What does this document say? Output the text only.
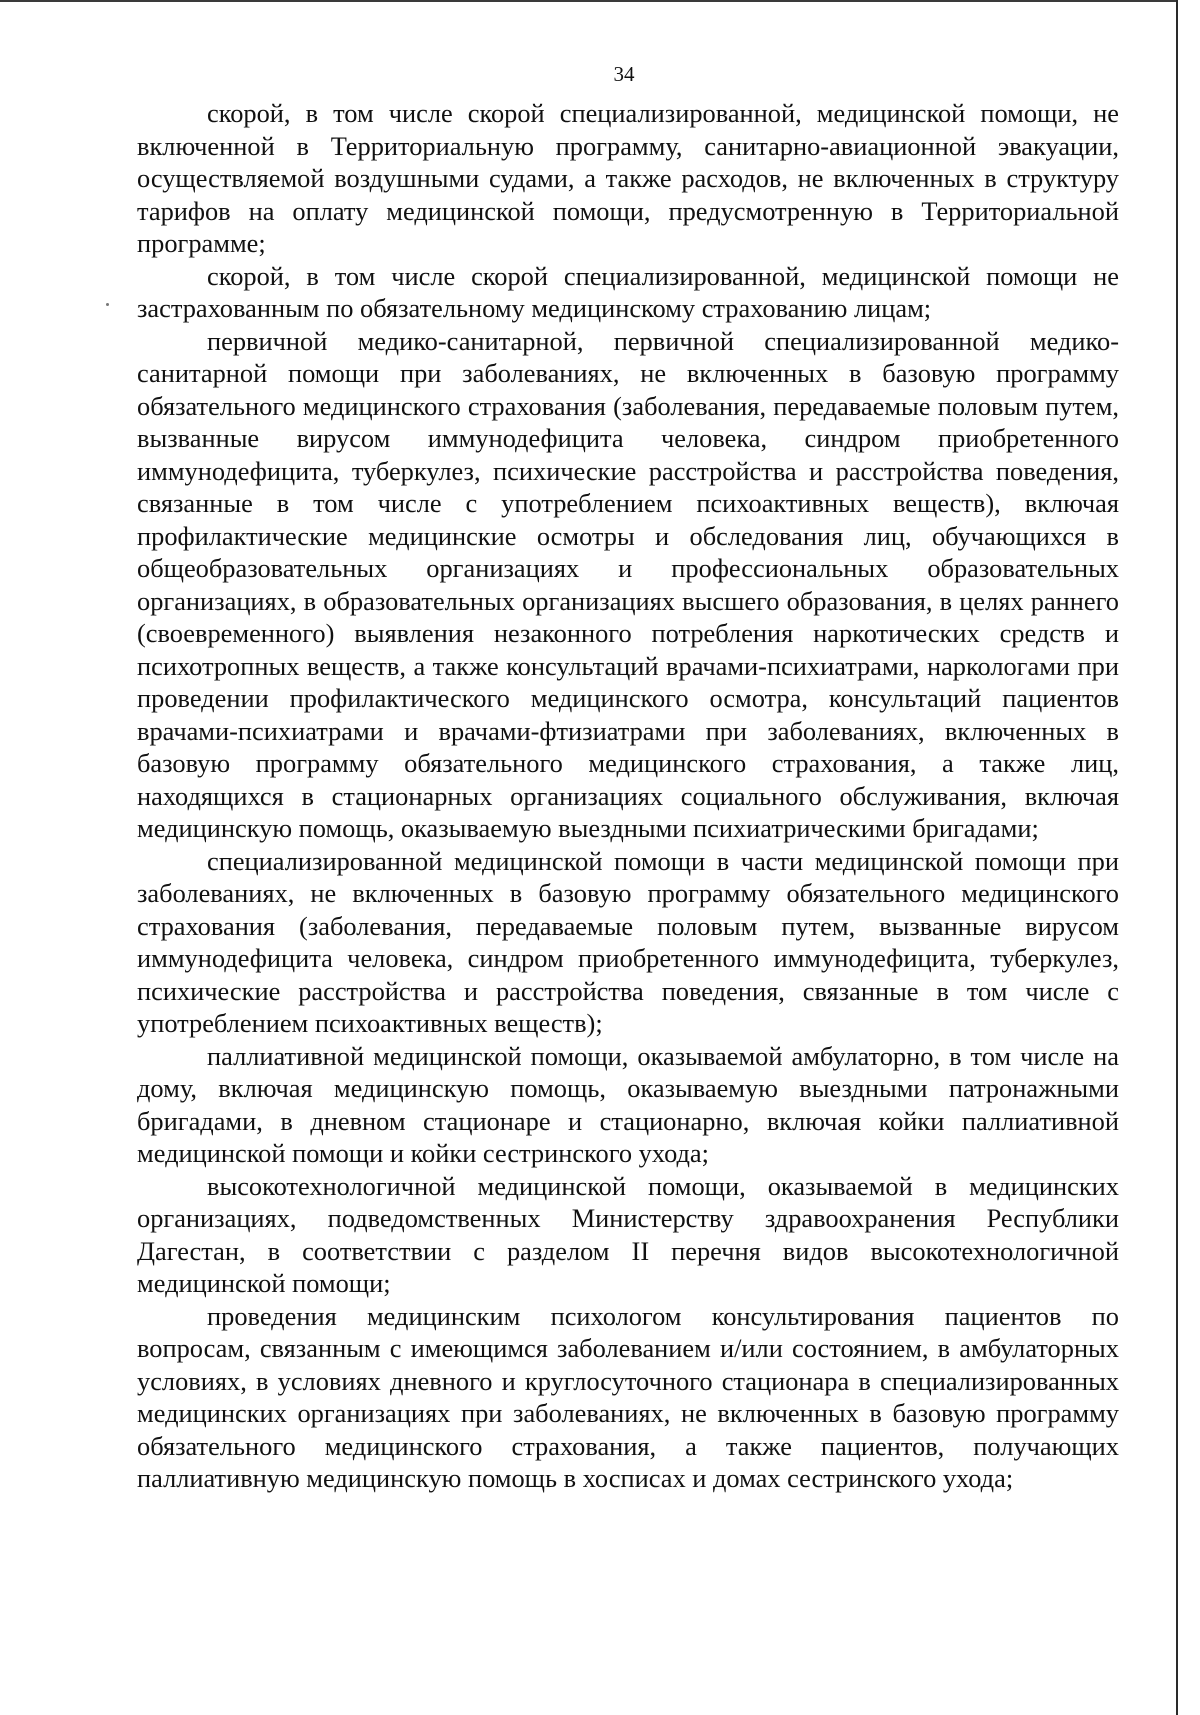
34

скорой, в том числе скорой специализированной, медицинской помощи, не включенной в Территориальную программу, санитарно-авиационной эвакуации, осуществляемой воздушными судами, а также расходов, не включенных в структуру тарифов на оплату медицинской помощи, предусмотренную в Территориальной программе;

скорой, в том числе скорой специализированной, медицинской помощи не застрахованным по обязательному медицинскому страхованию лицам;

первичной медико-санитарной, первичной специализированной медико-санитарной помощи при заболеваниях, не включенных в базовую программу обязательного медицинского страхования (заболевания, передаваемые половым путем, вызванные вирусом иммунодефицита человека, синдром приобретенного иммунодефицита, туберкулез, психические расстройства и расстройства поведения, связанные в том числе с употреблением психоактивных веществ), включая профилактические медицинские осмотры и обследования лиц, обучающихся в общеобразовательных организациях и профессиональных образовательных организациях, в образовательных организациях высшего образования, в целях раннего (своевременного) выявления незаконного потребления наркотических средств и психотропных веществ, а также консультаций врачами-психиатрами, наркологами при проведении профилактического медицинского осмотра, консультаций пациентов врачами-психиатрами и врачами-фтизиатрами при заболеваниях, включенных в базовую программу обязательного медицинского страхования, а также лиц, находящихся в стационарных организациях социального обслуживания, включая медицинскую помощь, оказываемую выездными психиатрическими бригадами;

специализированной медицинской помощи в части медицинской помощи при заболеваниях, не включенных в базовую программу обязательного медицинского страхования (заболевания, передаваемые половым путем, вызванные вирусом иммунодефицита человека, синдром приобретенного иммунодефицита, туберкулез, психические расстройства и расстройства поведения, связанные в том числе с употреблением психоактивных веществ);

паллиативной медицинской помощи, оказываемой амбулаторно, в том числе на дому, включая медицинскую помощь, оказываемую выездными патронажными бригадами, в дневном стационаре и стационарно, включая койки паллиативной медицинской помощи и койки сестринского ухода;

высокотехнологичной медицинской помощи, оказываемой в медицинских организациях, подведомственных Министерству здравоохранения Республики Дагестан, в соответствии с разделом II перечня видов высокотехнологичной медицинской помощи;

проведения медицинским психологом консультирования пациентов по вопросам, связанным с имеющимся заболеванием и/или состоянием, в амбулаторных условиях, в условиях дневного и круглосуточного стационара в специализированных медицинских организациях при заболеваниях, не включенных в базовую программу обязательного медицинского страхования, а также пациентов, получающих паллиативную медицинскую помощь в хосписах и домах сестринского ухода;
